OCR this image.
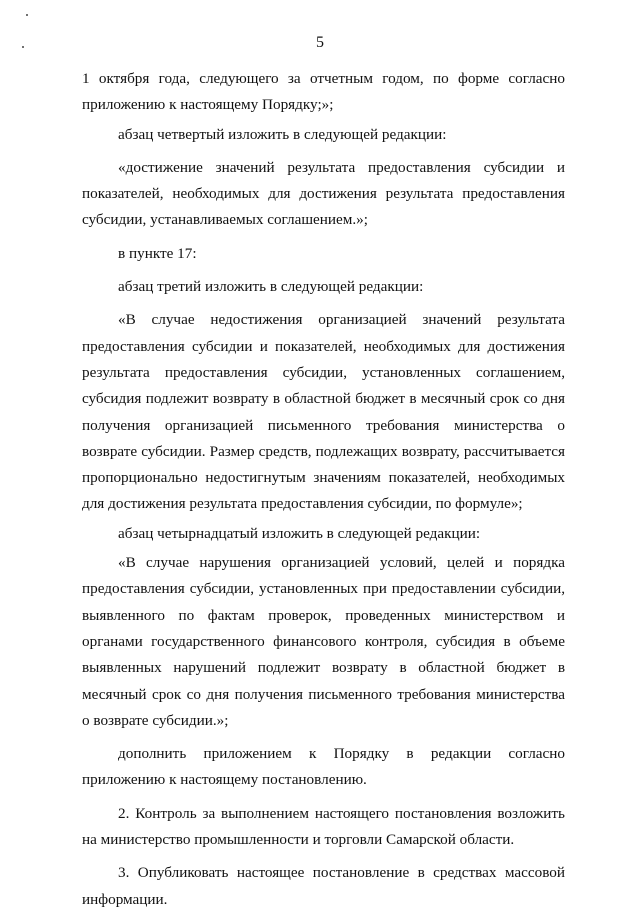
5

1 октября года, следующего за отчетным годом, по форме согласно приложению к настоящему Порядку;»;

абзац четвертый изложить в следующей редакции:

«достижение значений результата предоставления субсидии и показателей, необходимых для достижения результата предоставления субсидии, устанавливаемых соглашением.»;

в пункте 17:

абзац третий изложить в следующей редакции:

«В случае недостижения организацией значений результата предоставления субсидии и показателей, необходимых для достижения результата предоставления субсидии, установленных соглашением, субсидия подлежит возврату в областной бюджет в месячный срок со дня получения организацией письменного требования министерства о возврате субсидии. Размер средств, подлежащих возврату, рассчитывается пропорционально недостигнутым значениям показателей, необходимых для достижения результата предоставления субсидии, по формуле»;

абзац четырнадцатый изложить в следующей редакции:

«В случае нарушения организацией условий, целей и порядка предоставления субсидии, установленных при предоставлении субсидии, выявленного по фактам проверок, проведенных министерством и органами государственного финансового контроля, субсидия в объеме выявленных нарушений подлежит возврату в областной бюджет в месячный срок со дня получения письменного требования министерства о возврате субсидии.»;

дополнить приложением к Порядку в редакции согласно приложению к настоящему постановлению.

2. Контроль за выполнением настоящего постановления возложить на министерство промышленности и торговли Самарской области.

3. Опубликовать настоящее постановление в средствах массовой информации.
